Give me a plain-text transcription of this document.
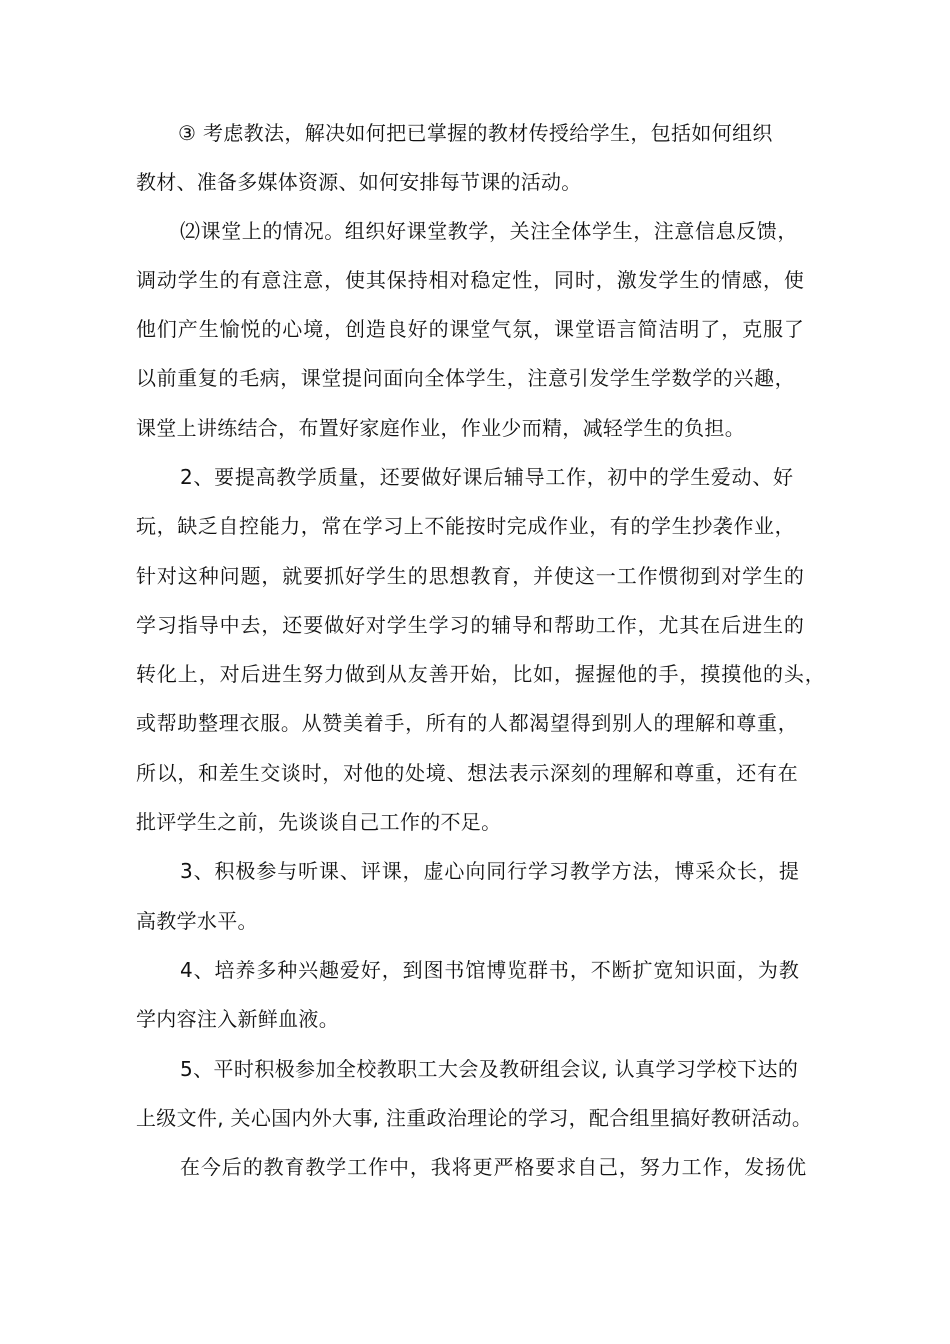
③ 考虑教法，解决如何把已掌握的教材传授给学生，包括如何组织
教材、准备多媒体资源、如何安排每节课的活动。
⑵课堂上的情况。组织好课堂教学，关注全体学生，注意信息反馈，
调动学生的有意注意，使其保持相对稳定性，同时，激发学生的情感，使
他们产生愉悦的心境，创造良好的课堂气氛，课堂语言简洁明了，克服了
以前重复的毛病，课堂提问面向全体学生，注意引发学生学数学的兴趣，
课堂上讲练结合，布置好家庭作业，作业少而精，减轻学生的负担。
2、要提高教学质量，还要做好课后辅导工作，初中的学生爱动、好
玩，缺乏自控能力，常在学习上不能按时完成作业，有的学生抄袭作业，
针对这种问题，就要抓好学生的思想教育，并使这一工作惯彻到对学生的
学习指导中去，还要做好对学生学习的辅导和帮助工作，尤其在后进生的
转化上，对后进生努力做到从友善开始，比如，握握他的手，摸摸他的头，
或帮助整理衣服。从赞美着手，所有的人都渴望得到别人的理解和尊重，
所以，和差生交谈时，对他的处境、想法表示深刻的理解和尊重，还有在
批评学生之前，先谈谈自己工作的不足。
3、积极参与听课、评课，虚心向同行学习教学方法，博采众长，提
高教学水平。
4、培养多种兴趣爱好，到图书馆博览群书，不断扩宽知识面，为教
学内容注入新鲜血液。
5、平时积极参加全校教职工大会及教研组会议, 认真学习学校下达的
上级文件, 关心国内外大事, 注重政治理论的学习，配合组里搞好教研活动。
在今后的教育教学工作中，我将更严格要求自己，努力工作，发扬优
